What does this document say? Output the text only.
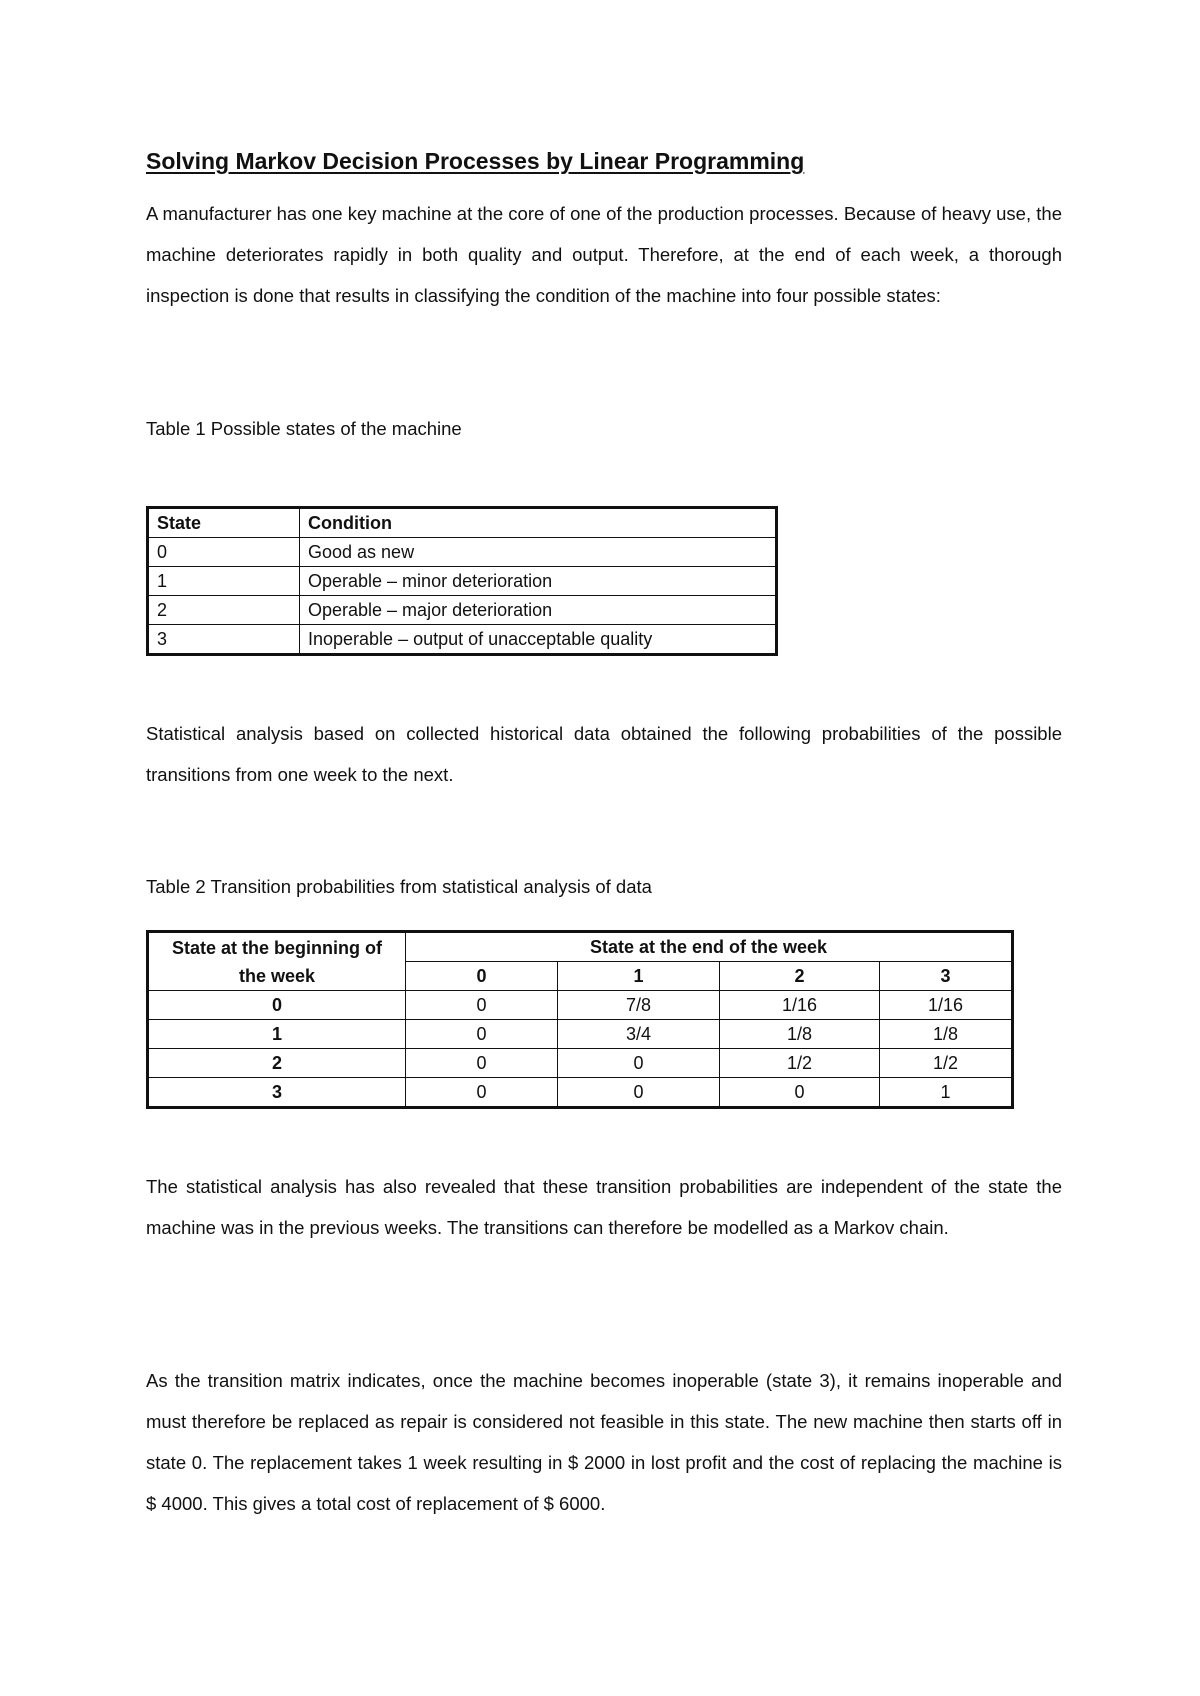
Solving Markov Decision Processes by Linear Programming

A manufacturer has one key machine at the core of one of the production processes. Because of heavy use, the machine deteriorates rapidly in both quality and output. Therefore, at the end of each week, a thorough inspection is done that results in classifying the condition of the machine into four possible states:

Table 1 Possible states of the machine

State	Condition
0	Good as new
1	Operable – minor deterioration
2	Operable – major deterioration
3	Inoperable – output of unacceptable quality

Statistical analysis based on collected historical data obtained the following probabilities of the possible transitions from one week to the next.

Table 2 Transition probabilities from statistical analysis of data

State at the beginning of the week	State at the end of the week			
	0	1	2	3
0	0	7/8	1/16	1/16
1	0	3/4	1/8	1/8
2	0	0	1/2	1/2
3	0	0	0	1

The statistical analysis has also revealed that these transition probabilities are independent of the state the machine was in the previous weeks. The transitions can therefore be modelled as a Markov chain.

As the transition matrix indicates, once the machine becomes inoperable (state 3), it remains inoperable and must therefore be replaced as repair is considered not feasible in this state. The new machine then starts off in state 0. The replacement takes 1 week resulting in $ 2000 in lost profit and the cost of replacing the machine is $ 4000. This gives a total cost of replacement of $ 6000.
